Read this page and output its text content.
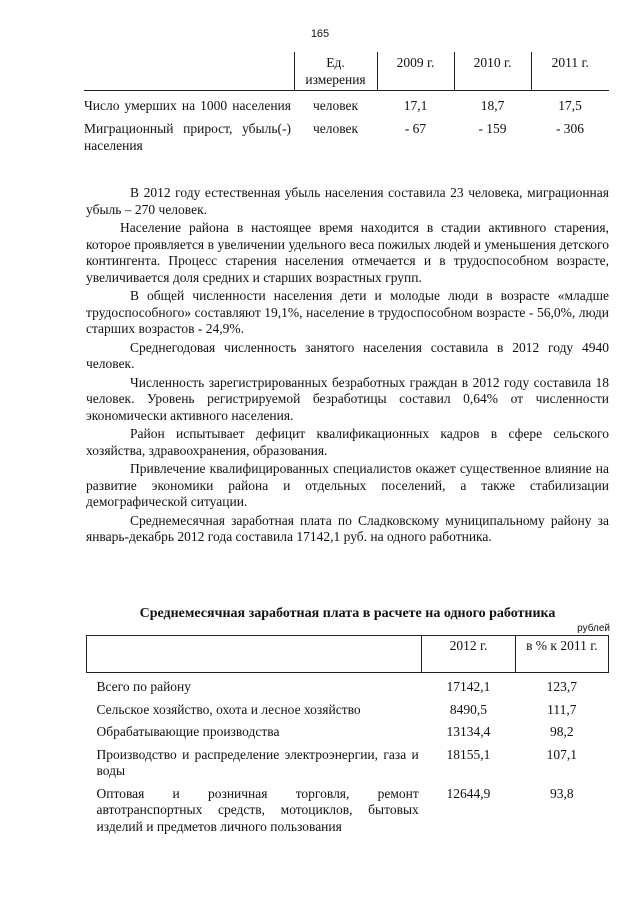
165
	Ед. измерения	2009 г.	2010 г.	2011 г.
Число умерших на 1000 населения	человек	17,1	18,7	17,5
Миграционный прирост, убыль(-) населения	человек	- 67	- 159	- 306

В 2012 году естественная убыль населения составила 23 человека, миграционная убыль – 270 человек.

Население района в настоящее время находится в стадии активного старения, которое проявляется в увеличении удельного веса пожилых людей и уменьшения детского контингента. Процесс старения населения отмечается и в трудоспособном возрасте, увеличивается доля средних и старших возрастных групп.

В общей численности населения дети и молодые люди в возрасте «младше трудоспособного» составляют 19,1%, население в трудоспособном возрасте - 56,0%, люди старших возрастов - 24,9%.

Среднегодовая численность занятого населения составила в 2012 году 4940 человек.

Численность зарегистрированных безработных граждан в 2012 году составила 18 человек. Уровень регистрируемой безработицы составил 0,64% от численности экономически активного населения.

Район испытывает дефицит квалификационных кадров в сфере сельского хозяйства, здравоохранения, образования.

Привлечение квалифицированных специалистов окажет существенное влияние на развитие экономики района и отдельных поселений, а также стабилизации демографической ситуации.

Среднемесячная заработная плата по Сладковскому муниципальному району за январь-декабрь 2012 года составила 17142,1 руб. на одного работника.

Среднемесячная заработная плата в расчете на одного работника
рублей
	2012 г.	в % к 2011 г.
Всего по району	17142,1	123,7
Сельское хозяйство, охота и лесное хозяйство	8490,5	111,7
Обрабатывающие производства	13134,4	98,2
Производство и распределение электроэнергии, газа и воды	18155,1	107,1
Оптовая и розничная торговля, ремонт автотранспортных средств, мотоциклов, бытовых изделий и предметов личного пользования	12644,9	93,8
